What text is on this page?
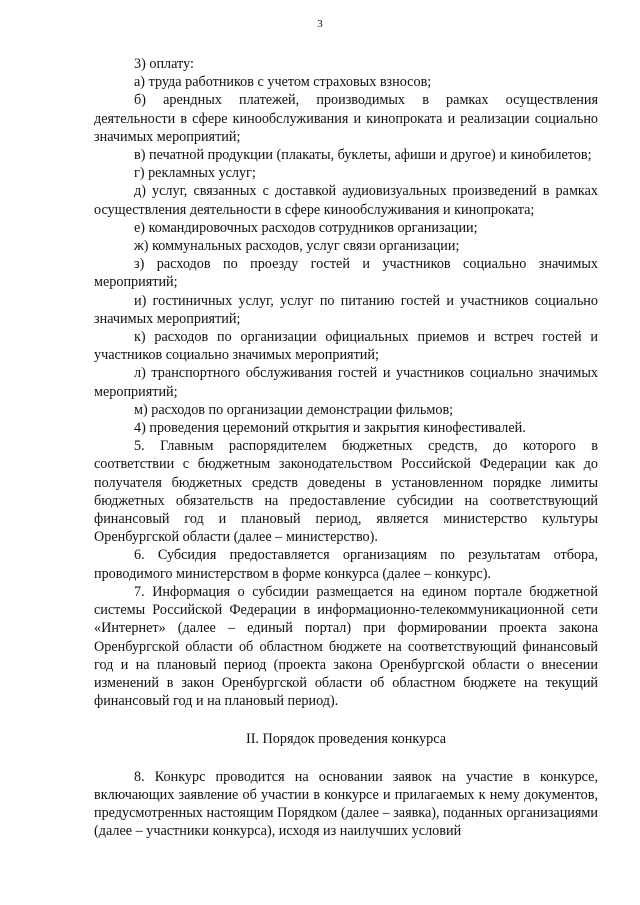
3

3) оплату:

а) труда работников с учетом страховых взносов;

б) арендных платежей, производимых в рамках осуществления деятельности в сфере кинообслуживания и кинопроката и реализации социально значимых мероприятий;

в) печатной продукции (плакаты, буклеты, афиши и другое) и кинобилетов;

г) рекламных услуг;

д) услуг, связанных с доставкой аудиовизуальных произведений в рамках осуществления деятельности в сфере кинообслуживания и кинопроката;

е) командировочных расходов сотрудников организации;

ж) коммунальных расходов, услуг связи организации;

з) расходов по проезду гостей и участников социально значимых мероприятий;

и) гостиничных услуг, услуг по питанию гостей и участников социально значимых мероприятий;

к) расходов по организации официальных приемов и встреч гостей и участников социально значимых мероприятий;

л) транспортного обслуживания гостей и участников социально значимых мероприятий;

м) расходов по организации демонстрации фильмов;

4) проведения церемоний открытия и закрытия кинофестивалей.

5. Главным распорядителем бюджетных средств, до которого в соответствии с бюджетным законодательством Российской Федерации как до получателя бюджетных средств доведены в установленном порядке лимиты бюджетных обязательств на предоставление субсидии на соответствующий финансовый год и плановый период, является министерство культуры Оренбургской области (далее – министерство).

6. Субсидия предоставляется организациям по результатам отбора, проводимого министерством в форме конкурса (далее – конкурс).

7. Информация о субсидии размещается на едином портале бюджетной системы Российской Федерации в информационно-телекоммуникационной сети «Интернет» (далее – единый портал) при формировании проекта закона Оренбургской области об областном бюджете на соответствующий финансовый год и на плановый период (проекта закона Оренбургской области о внесении изменений в закон Оренбургской области об областном бюджете на текущий финансовый год и на плановый период).

II. Порядок проведения конкурса

8. Конкурс проводится на основании заявок на участие в конкурсе, включающих заявление об участии в конкурсе и прилагаемых к нему документов, предусмотренных настоящим Порядком (далее – заявка), поданных организациями (далее – участники конкурса), исходя из наилучших условий
